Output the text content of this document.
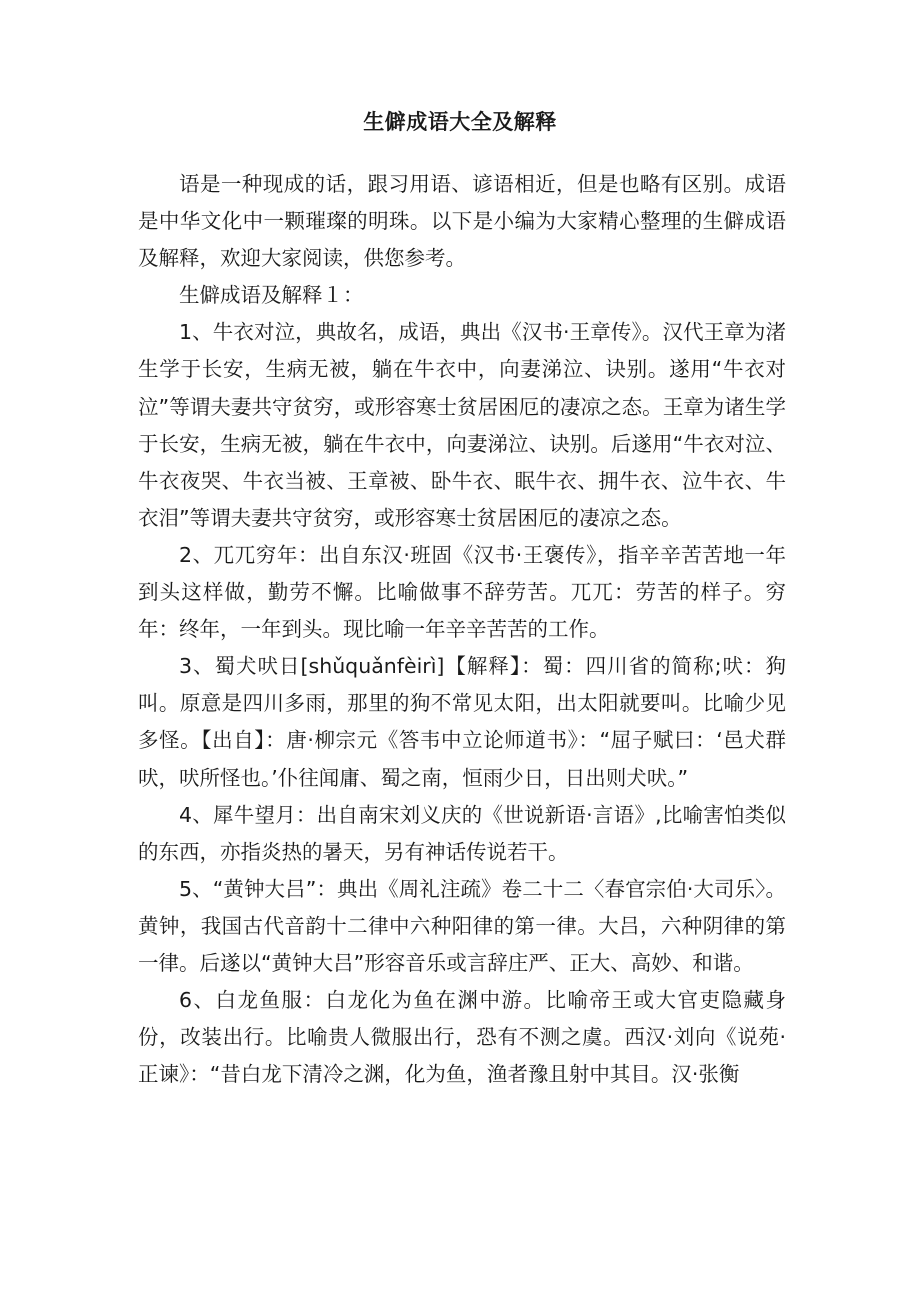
生僻成语大全及解释

语是一种现成的话，跟习用语、谚语相近，但是也略有区别。成语是中华文化中一颗璀璨的明珠。以下是小编为大家精心整理的生僻成语及解释，欢迎大家阅读，供您参考。

生僻成语及解释１：

1、牛衣对泣，典故名，成语，典出《汉书·王章传》。汉代王章为渚生学于长安，生病无被，躺在牛衣中，向妻涕泣、诀别。遂用“牛衣对泣”等谓夫妻共守贫穷，或形容寒士贫居困厄的凄凉之态。王章为诸生学于长安，生病无被，躺在牛衣中，向妻涕泣、诀别。后遂用“牛衣对泣、牛衣夜哭、牛衣当被、王章被、卧牛衣、眠牛衣、拥牛衣、泣牛衣、牛衣泪”等谓夫妻共守贫穷，或形容寒士贫居困厄的凄凉之态。

2、兀兀穷年：出自东汉·班固《汉书·王褒传》，指辛辛苦苦地一年到头这样做，勤劳不懈。比喻做事不辞劳苦。兀兀：劳苦的样子。穷年：终年，一年到头。现比喻一年辛辛苦苦的工作。

3、蜀犬吠日[shǔquǎnfèirì]【解释】：蜀：四川省的简称;吠：狗叫。原意是四川多雨，那里的狗不常见太阳，出太阳就要叫。比喻少见多怪。【出自】：唐·柳宗元《答韦中立论师道书》：“屈子赋曰：‘邑犬群吠，吠所怪也。’仆往闻庸、蜀之南，恒雨少日，日出则犬吠。”

4、犀牛望月：出自南宋刘义庆的《世说新语·言语》,比喻害怕类似的东西，亦指炎热的暑天，另有神话传说若干。

5、“黄钟大吕”：典出《周礼注疏》卷二十二〈春官宗伯·大司乐〉。黄钟，我国古代音韵十二律中六种阳律的第一律。大吕，六种阴律的第一律。后遂以“黄钟大吕”形容音乐或言辞庄严、正大、高妙、和谐。

6、白龙鱼服：白龙化为鱼在渊中游。比喻帝王或大官吏隐藏身份，改装出行。比喻贵人微服出行，恐有不测之虞。西汉·刘向《说苑·正谏》：“昔白龙下清冷之渊，化为鱼，渔者豫且射中其目。汉·张衡
